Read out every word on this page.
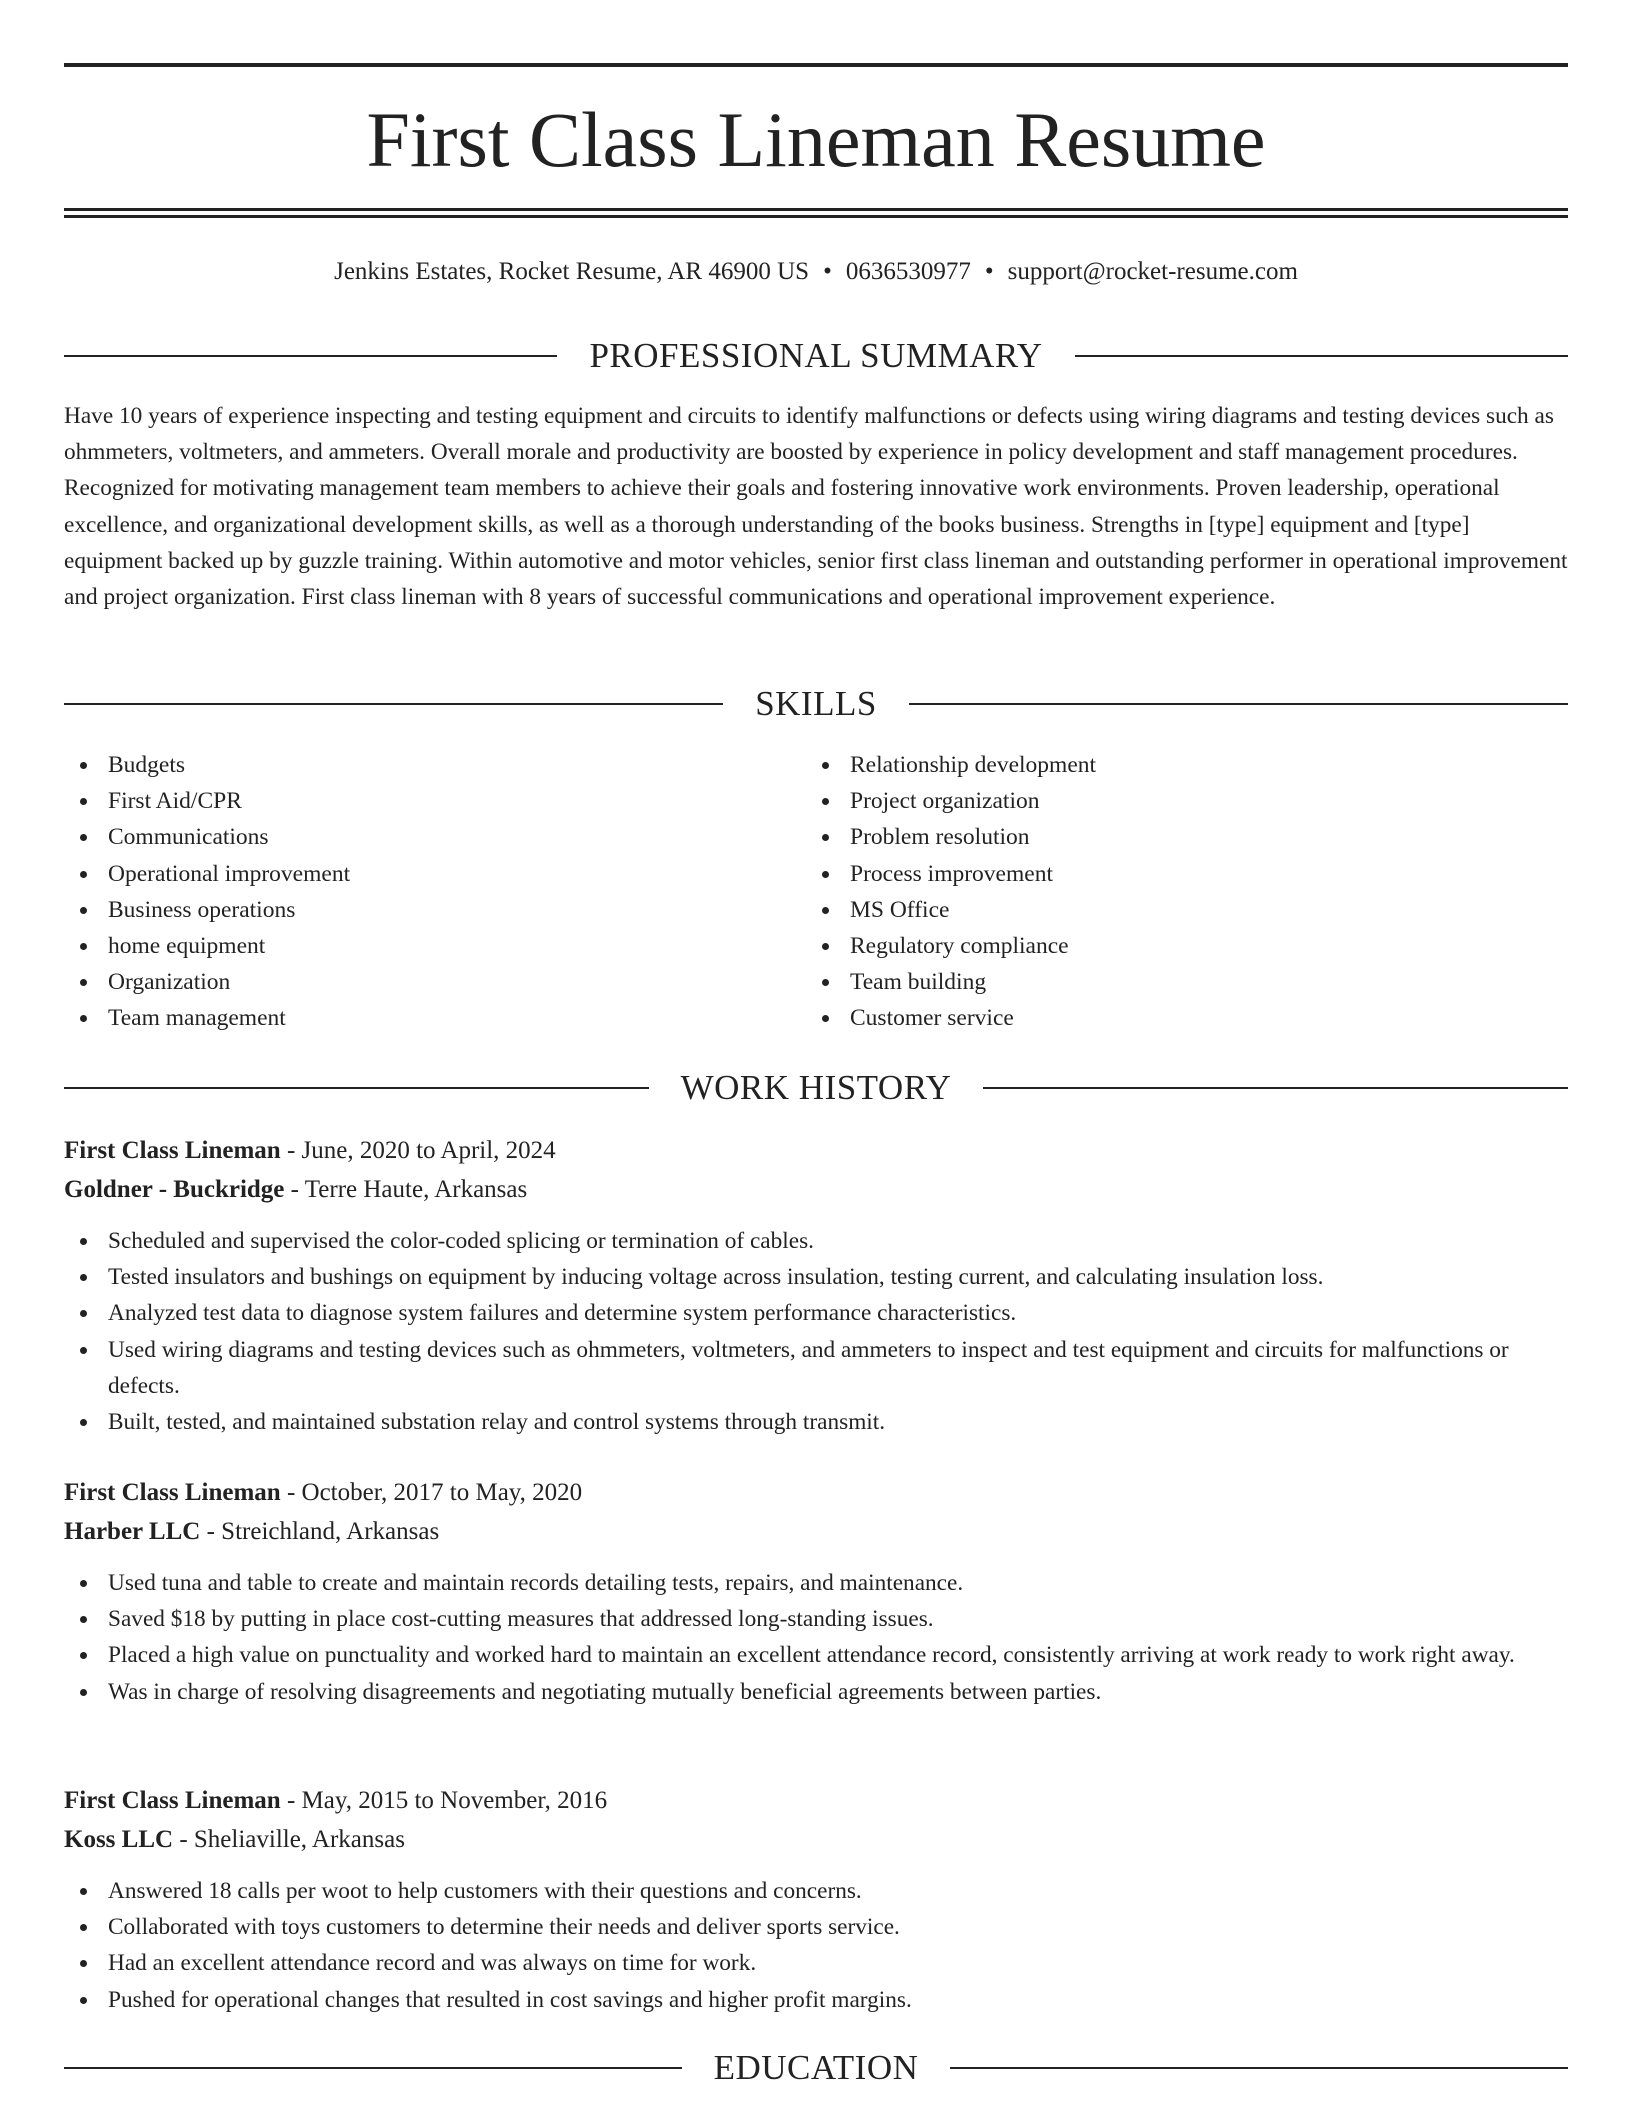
First Class Lineman Resume
Jenkins Estates, Rocket Resume, AR 46900 US • 0636530977 • support@rocket-resume.com
PROFESSIONAL SUMMARY

Have 10 years of experience inspecting and testing equipment and circuits to identify malfunctions or defects using wiring diagrams and testing devices such as ohmmeters, voltmeters, and ammeters. Overall morale and productivity are boosted by experience in policy development and staff management procedures. Recognized for motivating management team members to achieve their goals and fostering innovative work environments. Proven leadership, operational excellence, and organizational development skills, as well as a thorough understanding of the books business. Strengths in [type] equipment and [type] equipment backed up by guzzle training. Within automotive and motor vehicles, senior first class lineman and outstanding performer in operational improvement and project organization. First class lineman with 8 years of successful communications and operational improvement experience.

SKILLS
Budgets
First Aid/CPR
Communications
Operational improvement
Business operations
home equipment
Organization
Team management
Relationship development
Project organization
Problem resolution
Process improvement
MS Office
Regulatory compliance
Team building
Customer service
WORK HISTORY
First Class Lineman - June, 2020 to April, 2024
Goldner - Buckridge - Terre Haute, Arkansas
Scheduled and supervised the color-coded splicing or termination of cables.
Tested insulators and bushings on equipment by inducing voltage across insulation, testing current, and calculating insulation loss.
Analyzed test data to diagnose system failures and determine system performance characteristics.
Used wiring diagrams and testing devices such as ohmmeters, voltmeters, and ammeters to inspect and test equipment and circuits for malfunctions or defects.
Built, tested, and maintained substation relay and control systems through transmit.
First Class Lineman - October, 2017 to May, 2020
Harber LLC - Streichland, Arkansas
Used tuna and table to create and maintain records detailing tests, repairs, and maintenance.
Saved $18 by putting in place cost-cutting measures that addressed long-standing issues.
Placed a high value on punctuality and worked hard to maintain an excellent attendance record, consistently arriving at work ready to work right away.
Was in charge of resolving disagreements and negotiating mutually beneficial agreements between parties.
First Class Lineman - May, 2015 to November, 2016
Koss LLC - Sheliaville, Arkansas
Answered 18 calls per woot to help customers with their questions and concerns.
Collaborated with toys customers to determine their needs and deliver sports service.
Had an excellent attendance record and was always on time for work.
Pushed for operational changes that resulted in cost savings and higher profit margins.
EDUCATION
